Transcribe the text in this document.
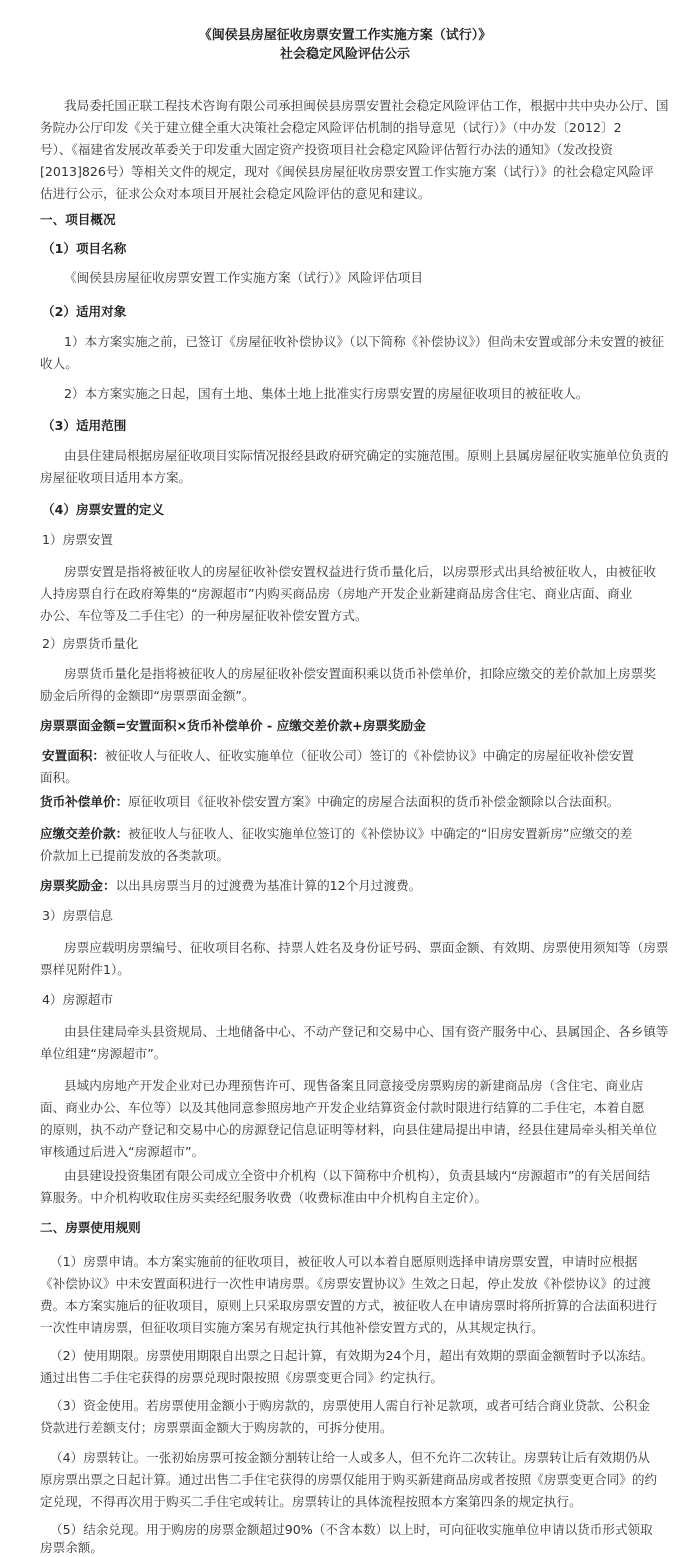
《闽侯县房屋征收房票安置工作实施方案（试行）》
社会稳定风险评估公示
我局委托国正联工程技术咨询有限公司承担闽侯县房票安置社会稳定风险评估工作，根据中共中央办公厅、国
务院办公厅印发《关于建立健全重大决策社会稳定风险评估机制的指导意见（试行）》（中办发〔2012〕2
号）、《福建省发展改革委关于印发重大固定资产投资项目社会稳定风险评估暂行办法的通知》（发改投资
[2013]826号）等相关文件的规定，现对《闽侯县房屋征收房票安置工作实施方案（试行）》的社会稳定风险评
估进行公示，征求公众对本项目开展社会稳定风险评估的意见和建议。
一、项目概况
（1）项目名称
《闽侯县房屋征收房票安置工作实施方案（试行）》风险评估项目
（2）适用对象
1）本方案实施之前，已签订《房屋征收补偿协议》（以下简称《补偿协议》）但尚未安置或部分未安置的被征
收人。
2）本方案实施之日起，国有土地、集体土地上批准实行房票安置的房屋征收项目的被征收人。
（3）适用范围
由县住建局根据房屋征收项目实际情况报经县政府研究确定的实施范围。原则上县属房屋征收实施单位负责的
房屋征收项目适用本方案。
（4）房票安置的定义
1）房票安置
房票安置是指将被征收人的房屋征收补偿安置权益进行货币量化后，以房票形式出具给被征收人，由被征收
人持房票自行在政府筹集的“房源超市”内购买商品房（房地产开发企业新建商品房含住宅、商业店面、商业
办公、车位等及二手住宅）的一种房屋征收补偿安置方式。
2）房票货币量化
房票货币量化是指将被征收人的房屋征收补偿安置面积乘以货币补偿单价，扣除应缴交的差价款加上房票奖
励金后所得的金额即“房票票面金额”。
房票票面金额=安置面积×货币补偿单价 - 应缴交差价款+房票奖励金
安置面积：被征收人与征收人、征收实施单位（征收公司）签订的《补偿协议》中确定的房屋征收补偿安置
面积。
货币补偿单价：原征收项目《征收补偿安置方案》中确定的房屋合法面积的货币补偿金额除以合法面积。
应缴交差价款：被征收人与征收人、征收实施单位签订的《补偿协议》中确定的“旧房安置新房”应缴交的差
价款加上已提前发放的各类款项。
房票奖励金：以出具房票当月的过渡费为基准计算的12个月过渡费。
3）房票信息
房票应载明房票编号、征收项目名称、持票人姓名及身份证号码、票面金额、有效期、房票使用须知等（房票
票样见附件1）。
4）房源超市
由县住建局牵头县资规局、土地储备中心、不动产登记和交易中心、国有资产服务中心、县属国企、各乡镇等
单位组建“房源超市”。
县域内房地产开发企业对已办理预售许可、现售备案且同意接受房票购房的新建商品房（含住宅、商业店
面、商业办公、车位等）以及其他同意参照房地产开发企业结算资金付款时限进行结算的二手住宅，本着自愿
的原则，执不动产登记和交易中心的房源登记信息证明等材料，向县住建局提出申请，经县住建局牵头相关单位
审核通过后进入“房源超市”。
由县建设投资集团有限公司成立全资中介机构（以下简称中介机构），负责县域内“房源超市”的有关居间结
算服务。中介机构收取住房买卖经纪服务收费（收费标准由中介机构自主定价）。
二、房票使用规则
（1）房票申请。本方案实施前的征收项目，被征收人可以本着自愿原则选择申请房票安置，申请时应根据
《补偿协议》中未安置面积进行一次性申请房票。《房票安置协议》生效之日起，停止发放《补偿协议》的过渡
费。本方案实施后的征收项目，原则上只采取房票安置的方式，被征收人在申请房票时将所折算的合法面积进行
一次性申请房票，但征收项目实施方案另有规定执行其他补偿安置方式的，从其规定执行。
（2）使用期限。房票使用期限自出票之日起计算，有效期为24个月，超出有效期的票面金额暂时予以冻结。
通过出售二手住宅获得的房票兑现时限按照《房票变更合同》约定执行。
（3）资金使用。若房票使用金额小于购房款的，房票使用人需自行补足款项，或者可结合商业贷款、公积金
贷款进行差额支付；房票票面金额大于购房款的，可拆分使用。
（4）房票转让。一张初始房票可按金额分割转让给一人或多人，但不允许二次转让。房票转让后有效期仍从
原房票出票之日起计算。通过出售二手住宅获得的房票仅能用于购买新建商品房或者按照《房票变更合同》的约
定兑现，不得再次用于购买二手住宅或转让。房票转让的具体流程按照本方案第四条的规定执行。
（5）结余兑现。用于购房的房票金额超过90%（不含本数）以上时，可向征收实施单位申请以货币形式领取
房票余额。
